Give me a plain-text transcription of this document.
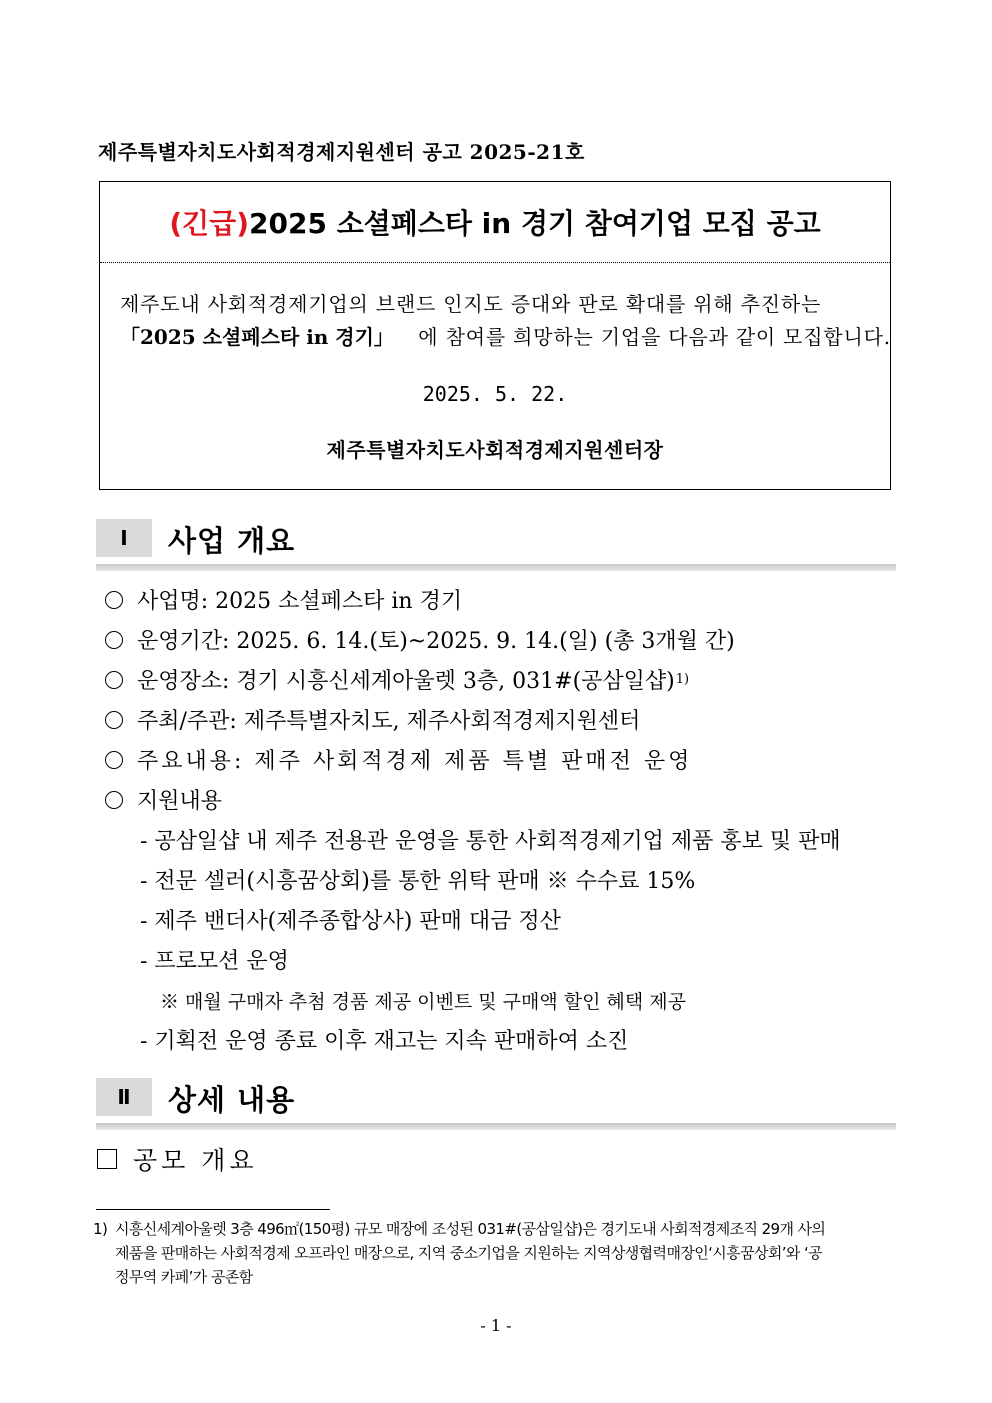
제주특별자치도사회적경제지원센터 공고 2025-21호
(긴급) 2025 소셜페스타 in 경기 참여기업 모집 공고
제주도내 사회적경제기업의 브랜드 인지도 증대와 판로 확대를 위해 추진하는
「2025 소셜페스타 in 경기」 에 참여를 희망하는 기업을 다음과 같이 모집합니다.
2025. 5. 22.
제주특별자치도사회적경제지원센터장
Ⅰ	사업 개요
사업명: 2025 소셜페스타 in 경기
운영기간: 2025. 6. 14.(토)~2025. 9. 14.(일) (총 3개월 간)
운영장소: 경기 시흥신세계아울렛 3층, 031#(공삼일샵) 1)
주최/주관: 제주특별자치도, 제주사회적경제지원센터
주요내용: 제주 사회적경제 제품 특별 판매전 운영
지원내용
- 공삼일샵 내 제주 전용관 운영을 통한 사회적경제기업 제품 홍보 및 판매
- 전문 셀러(시흥꿈상회)를 통한 위탁 판매 ※ 수수료 15%
- 제주 밴더사(제주종합상사) 판매 대금 정산
- 프로모션 운영
※ 매월 구매자 추첨 경품 제공 이벤트 및 구매액 할인 혜택 제공
- 기획전 운영 종료 이후 재고는 지속 판매하여 소진
Ⅱ	상세 내용
공모 개요
1) 시흥신세계아울렛 3층 496㎡(150평) 규모 매장에 조성된 031#(공삼일샵)은 경기도내 사회적경제조직 29개 사의
제품을 판매하는 사회적경제 오프라인 매장으로, 지역 중소기업을 지원하는 지역상생협력매장인‘시흥꿈상회’와 ‘공
정무역 카페’가 공존함
- 1 -
